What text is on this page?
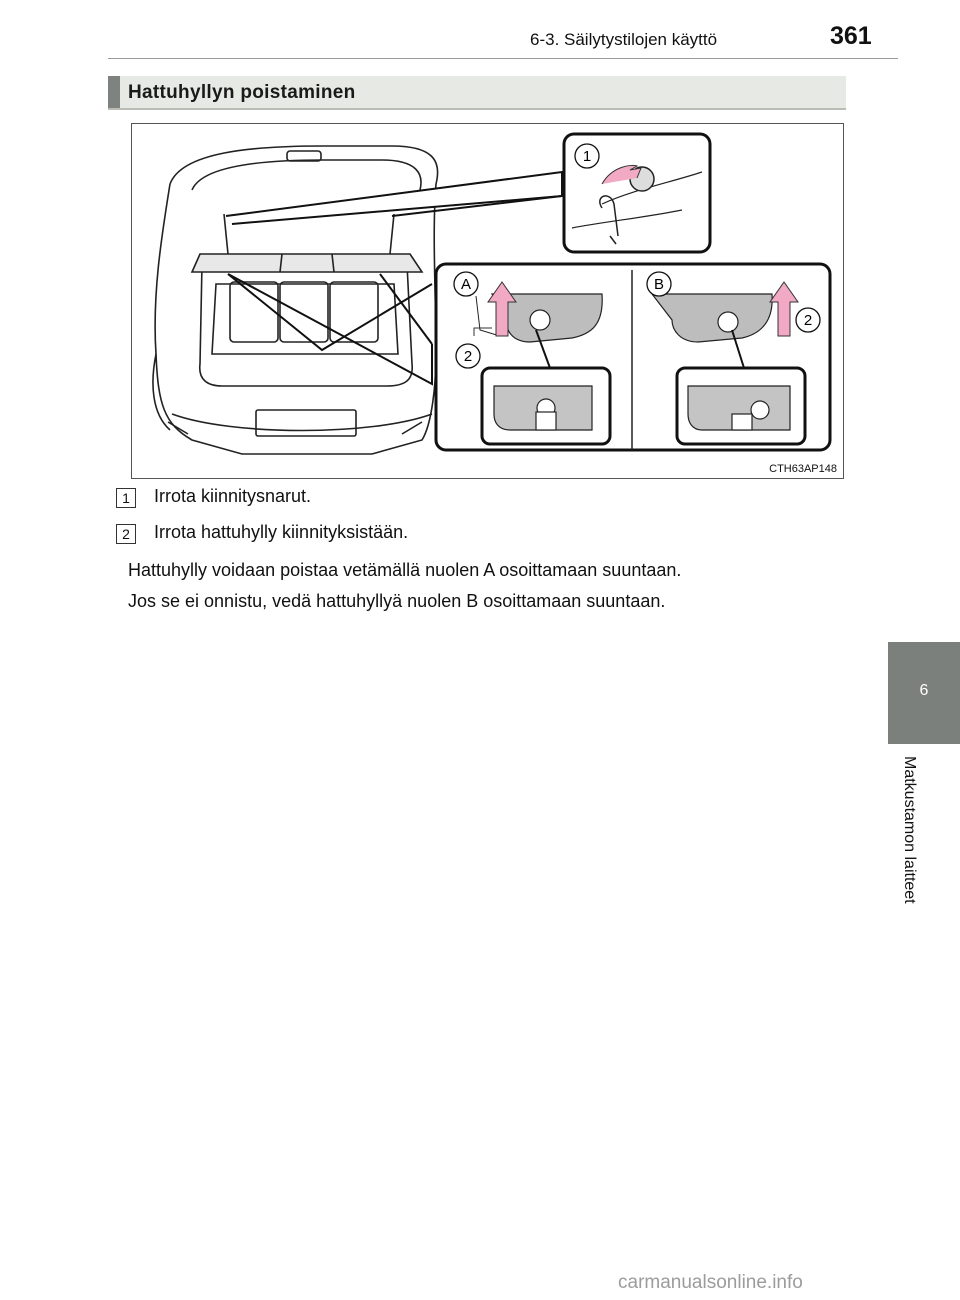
6-3. Säilytystilojen käyttö	361
Hattuhyllyn poistaminen
1
A	B
2
2
CTH63AP148
1	Irrota kiinnitysnarut.
2	Irrota hattuhylly kiinnityksistään.
Hattuhylly voidaan poistaa vetämällä nuolen A osoittamaan suuntaan.
Jos se ei onnistu, vedä hattuhyllyä nuolen B osoittamaan suuntaan.
6
Matkustamon laitteet
carmanualsonline.info
